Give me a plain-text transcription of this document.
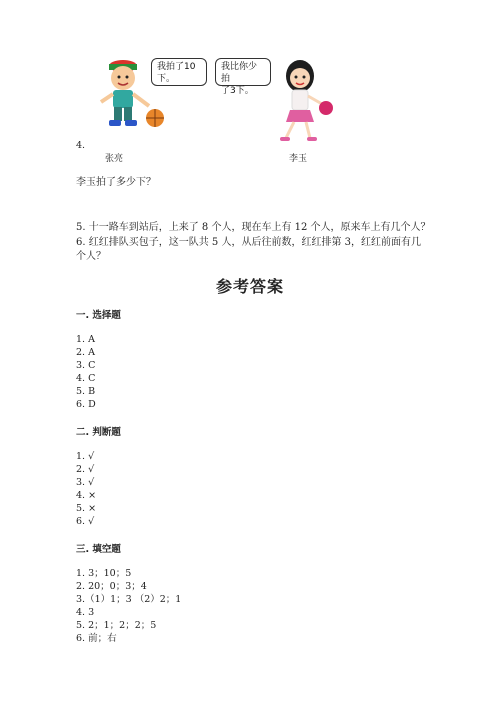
我拍了10
下。
我比你少拍
了3下。
张亮	李玉
4.
李玉拍了多少下？
5. 十一路车到站后，上来了 8 个人，现在车上有 12 个人，原来车上有几个人？
6. 红红排队买包子，这一队共 5 人，从后往前数，红红排第 3，红红前面有几
个人？
参考答案
一. 选择题
1. A
2. A
3. C
4. C
5. B
6. D
二. 判断题
1. √
2. √
3. √
4. ×
5. ×
6. √
三. 填空题
1. 3；10；5
2. 20；0；3；4
3.（1）1；3 （2）2；1
4. 3
5. 2；1；2；2；5
6. 前；右
